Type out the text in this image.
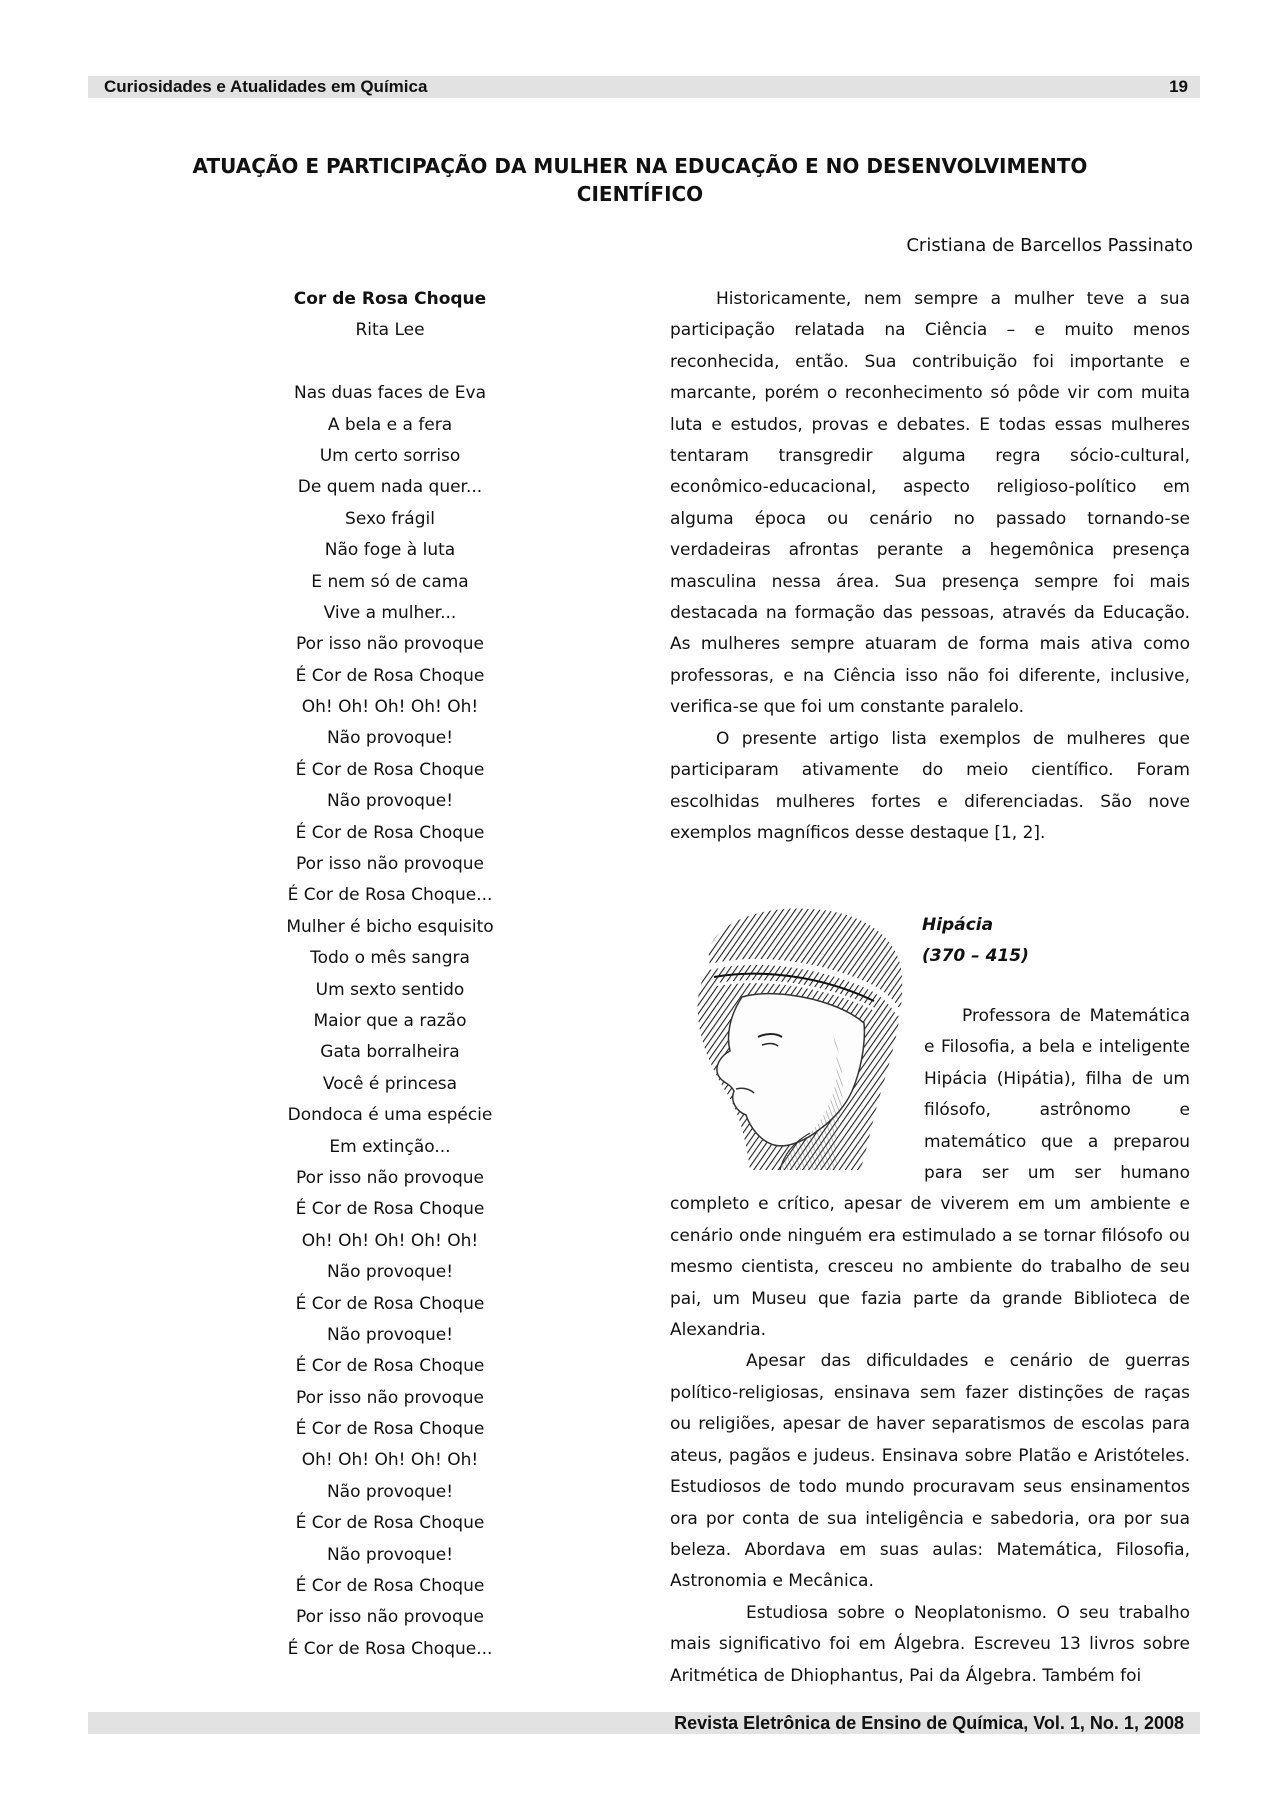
Curiosidades e Atualidades em Química	19
ATUAÇÃO E PARTICIPAÇÃO DA MULHER NA EDUCAÇÃO E NO DESENVOLVIMENTO
CIENTÍFICO
Cristiana de Barcellos Passinato
Cor de Rosa Choque
Rita Lee
Nas duas faces de Eva
A bela e a fera
Um certo sorriso
De quem nada quer...
Sexo frágil
Não foge à luta
E nem só de cama
Vive a mulher...
Por isso não provoque
É Cor de Rosa Choque
Oh! Oh! Oh! Oh! Oh!
Não provoque!
É Cor de Rosa Choque
Não provoque!
É Cor de Rosa Choque
Por isso não provoque
É Cor de Rosa Choque...
Mulher é bicho esquisito
Todo o mês sangra
Um sexto sentido
Maior que a razão
Gata borralheira
Você é princesa
Dondoca é uma espécie
Em extinção...
Por isso não provoque
É Cor de Rosa Choque
Oh! Oh! Oh! Oh! Oh!
Não provoque!
É Cor de Rosa Choque
Não provoque!
É Cor de Rosa Choque
Por isso não provoque
É Cor de Rosa Choque
Oh! Oh! Oh! Oh! Oh!
Não provoque!
É Cor de Rosa Choque
Não provoque!
É Cor de Rosa Choque
Por isso não provoque
É Cor de Rosa Choque...

Historicamente, nem sempre a mulher teve a sua participação relatada na Ciência – e muito menos reconhecida, então. Sua contribuição foi importante e marcante, porém o reconhecimento só pôde vir com muita luta e estudos, provas e debates. E todas essas mulheres tentaram transgredir alguma regra sócio-cultural, econômico-educacional, aspecto religioso-político em alguma época ou cenário no passado tornando-se verdadeiras afrontas perante a hegemônica presença masculina nessa área. Sua presença sempre foi mais destacada na formação das pessoas, através da Educação. As mulheres sempre atuaram de forma mais ativa como professoras, e na Ciência isso não foi diferente, inclusive, verifica-se que foi um constante paralelo.

O presente artigo lista exemplos de mulheres que participaram ativamente do meio científico. Foram escolhidas mulheres fortes e diferenciadas. São nove exemplos magníficos desse destaque [1, 2].

Hipácia
(370 – 415)

Professora de Matemática e Filosofia, a bela e inteligente Hipácia (Hipátia), filha de um filósofo, astrônomo e matemático que a preparou para ser um ser humano completo e crítico, apesar de viverem em um ambiente e cenário onde ninguém era estimulado a se tornar filósofo ou mesmo cientista, cresceu no ambiente do trabalho de seu pai, um Museu que fazia parte da grande Biblioteca de Alexandria.

Apesar das dificuldades e cenário de guerras político-religiosas, ensinava sem fazer distinções de raças ou religiões, apesar de haver separatismos de escolas para ateus, pagãos e judeus. Ensinava sobre Platão e Aristóteles. Estudiosos de todo mundo procuravam seus ensinamentos ora por conta de sua inteligência e sabedoria, ora por sua beleza. Abordava em suas aulas: Matemática, Filosofia, Astronomia e Mecânica.

Estudiosa sobre o Neoplatonismo. O seu trabalho mais significativo foi em Álgebra. Escreveu 13 livros sobre Aritmética de Dhiophantus, Pai da Álgebra. Também foi

Revista Eletrônica de Ensino de Química, Vol. 1, No. 1, 2008
